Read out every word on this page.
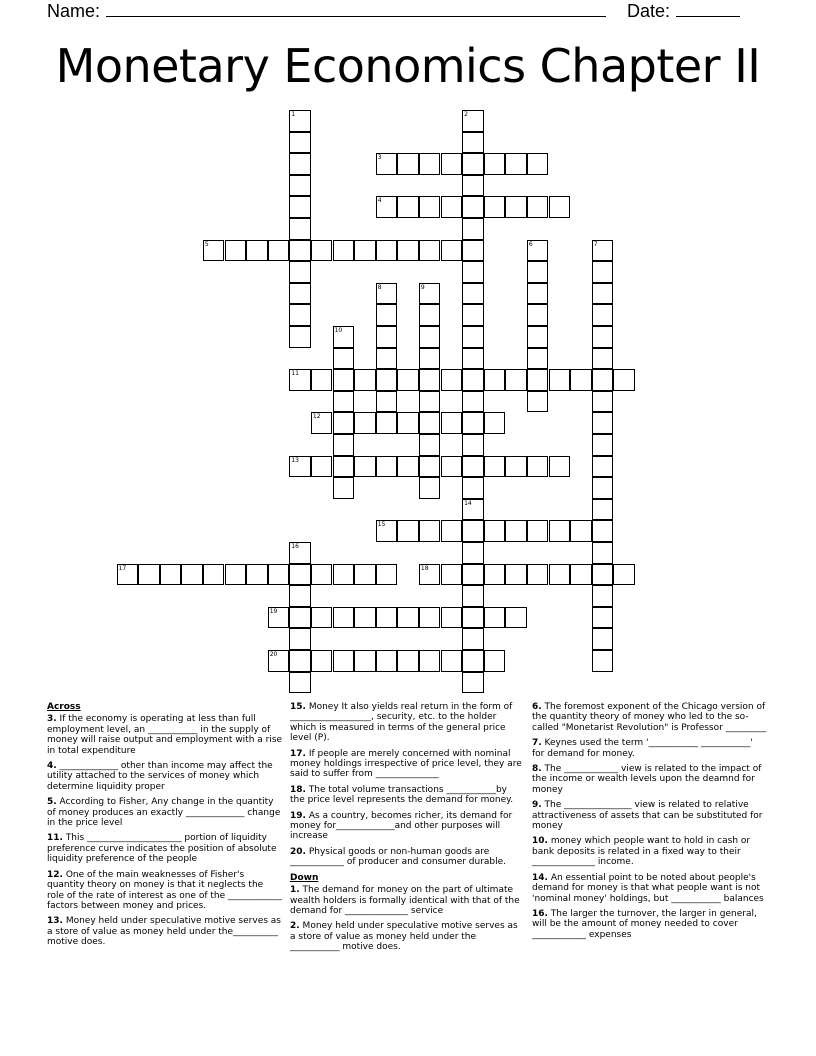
Name:	Date:
Monetary Economics Chapter II
1	2
14
3
4
5	6	7
8	9
10
11
12
13
15
16
17	18
19
20
Across
3. If the economy is operating at less than full employment level, an ___________ in the supply of money will raise output and employment with a rise in total expenditure
4. _____________ other than income may affect the utility attached to the services of money which determine liquidity proper
5. According to Fisher, Any change in the quantity of money produces an exactly _____________ change in the price level
11. This _____________________ portion of liquidity preference curve indicates the position of absolute liquidity preference of the people
12. One of the main weaknesses of Fisher's quantity theory on money is that it neglects the role of the rate of interest as one of the ____________ factors between money and prices.
13. Money held under speculative motive serves as a store of value as money held under the__________ motive does.
15. Money It also yields real return in the form of __________________, security, etc. to the holder which is measured in terms of the general price level (P).
17. If people are merely concerned with nominal money holdings irrespective of price level, they are said to suffer from ______________
18. The total volume transactions ___________by the price level represents the demand for money.
19. As a country, becomes richer, its demand for money for_____________and other purposes will increase
20. Physical goods or non-human goods are ____________ of producer and consumer durable.
Down
1. The demand for money on the part of ultimate wealth holders is formally identical with that of the demand for ______________ service
2. Money held under speculative motive serves as a store of value as money held under the ___________ motive does.
6. The foremost exponent of the Chicago version of the quantity theory of money who led to the so-called "Monetarist Revolution" is Professor _________
7. Keynes used the term '___________ ___________' for demand for money.
8. The ____________ view is related to the impact of the income or wealth levels upon the deamnd for money
9. The _______________ view is related to relative attractiveness of assets that can be substituted for money
10. money which people want to hold in cash or bank deposits is related in a fixed way to their ______________ income.
14. An essential point to be noted about people's demand for money is that what people want is not 'nominal money' holdings, but ___________ balances
16. The larger the turnover, the larger in general, will be the amount of money needed to cover ____________ expenses
